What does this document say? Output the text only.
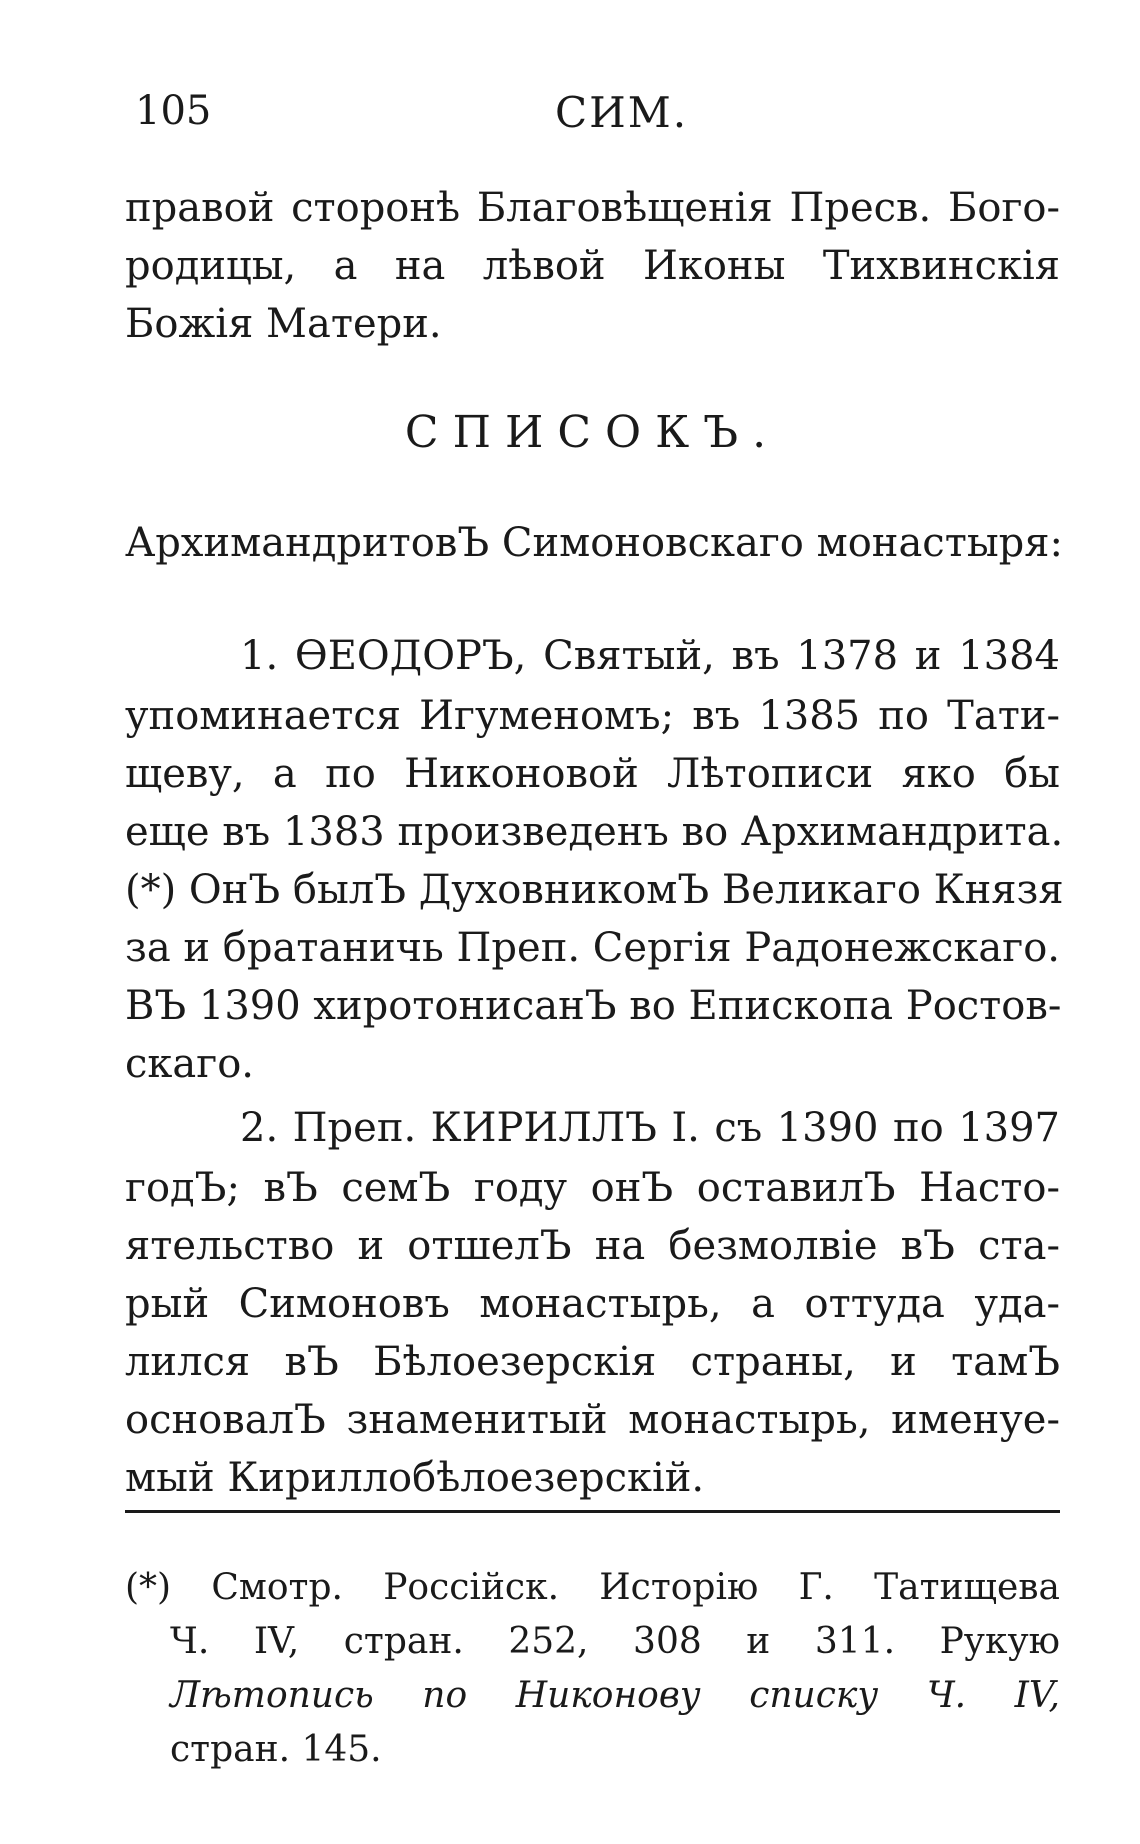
105	СИМ.
правой сторонѣ Благовѣщенія Пресв. Бого-
родицы, а на лѣвой Иконы Тихвинскія
Божія Матери.
СПИСОКЪ.
АрхимандритовЪ Симоновскаго монастыря:
1. ѲЕОДОРЪ, Святый, въ 1378 и 1384
упоминается Игуменомъ; въ 1385 по Тати-
щеву, а по Никоновой Лѣтописи яко бы
еще въ 1383 произведенъ во Архимандрита.
(*) ОнЪ былЪ ДуховникомЪ Великаго Князя
за и братаничь Преп. Сергія Радонежскаго.
ВЪ 1390 хиротонисанЪ во Епископа Ростов-
скаго.
2. Преп. КИРИЛЛЪ I. съ 1390 по 1397
годЪ; вЪ семЪ году онЪ оставилЪ Насто-
ятельство и отшелЪ на безмолвіе вЪ ста-
рый Симоновъ монастырь, а оттуда уда-
лился вЪ Бѣлоезерскія страны, и тамЪ
основалЪ знаменитый монастырь, именуе-
мый Кириллобѣлоезерскій.
(*) Смотр. Россійск. Исторію Г. Татищева
Ч. IV, стран. 252, 308 и 311. Рукую
Лѣтопись по Никонову списку Ч. IV,
стран. 145.
